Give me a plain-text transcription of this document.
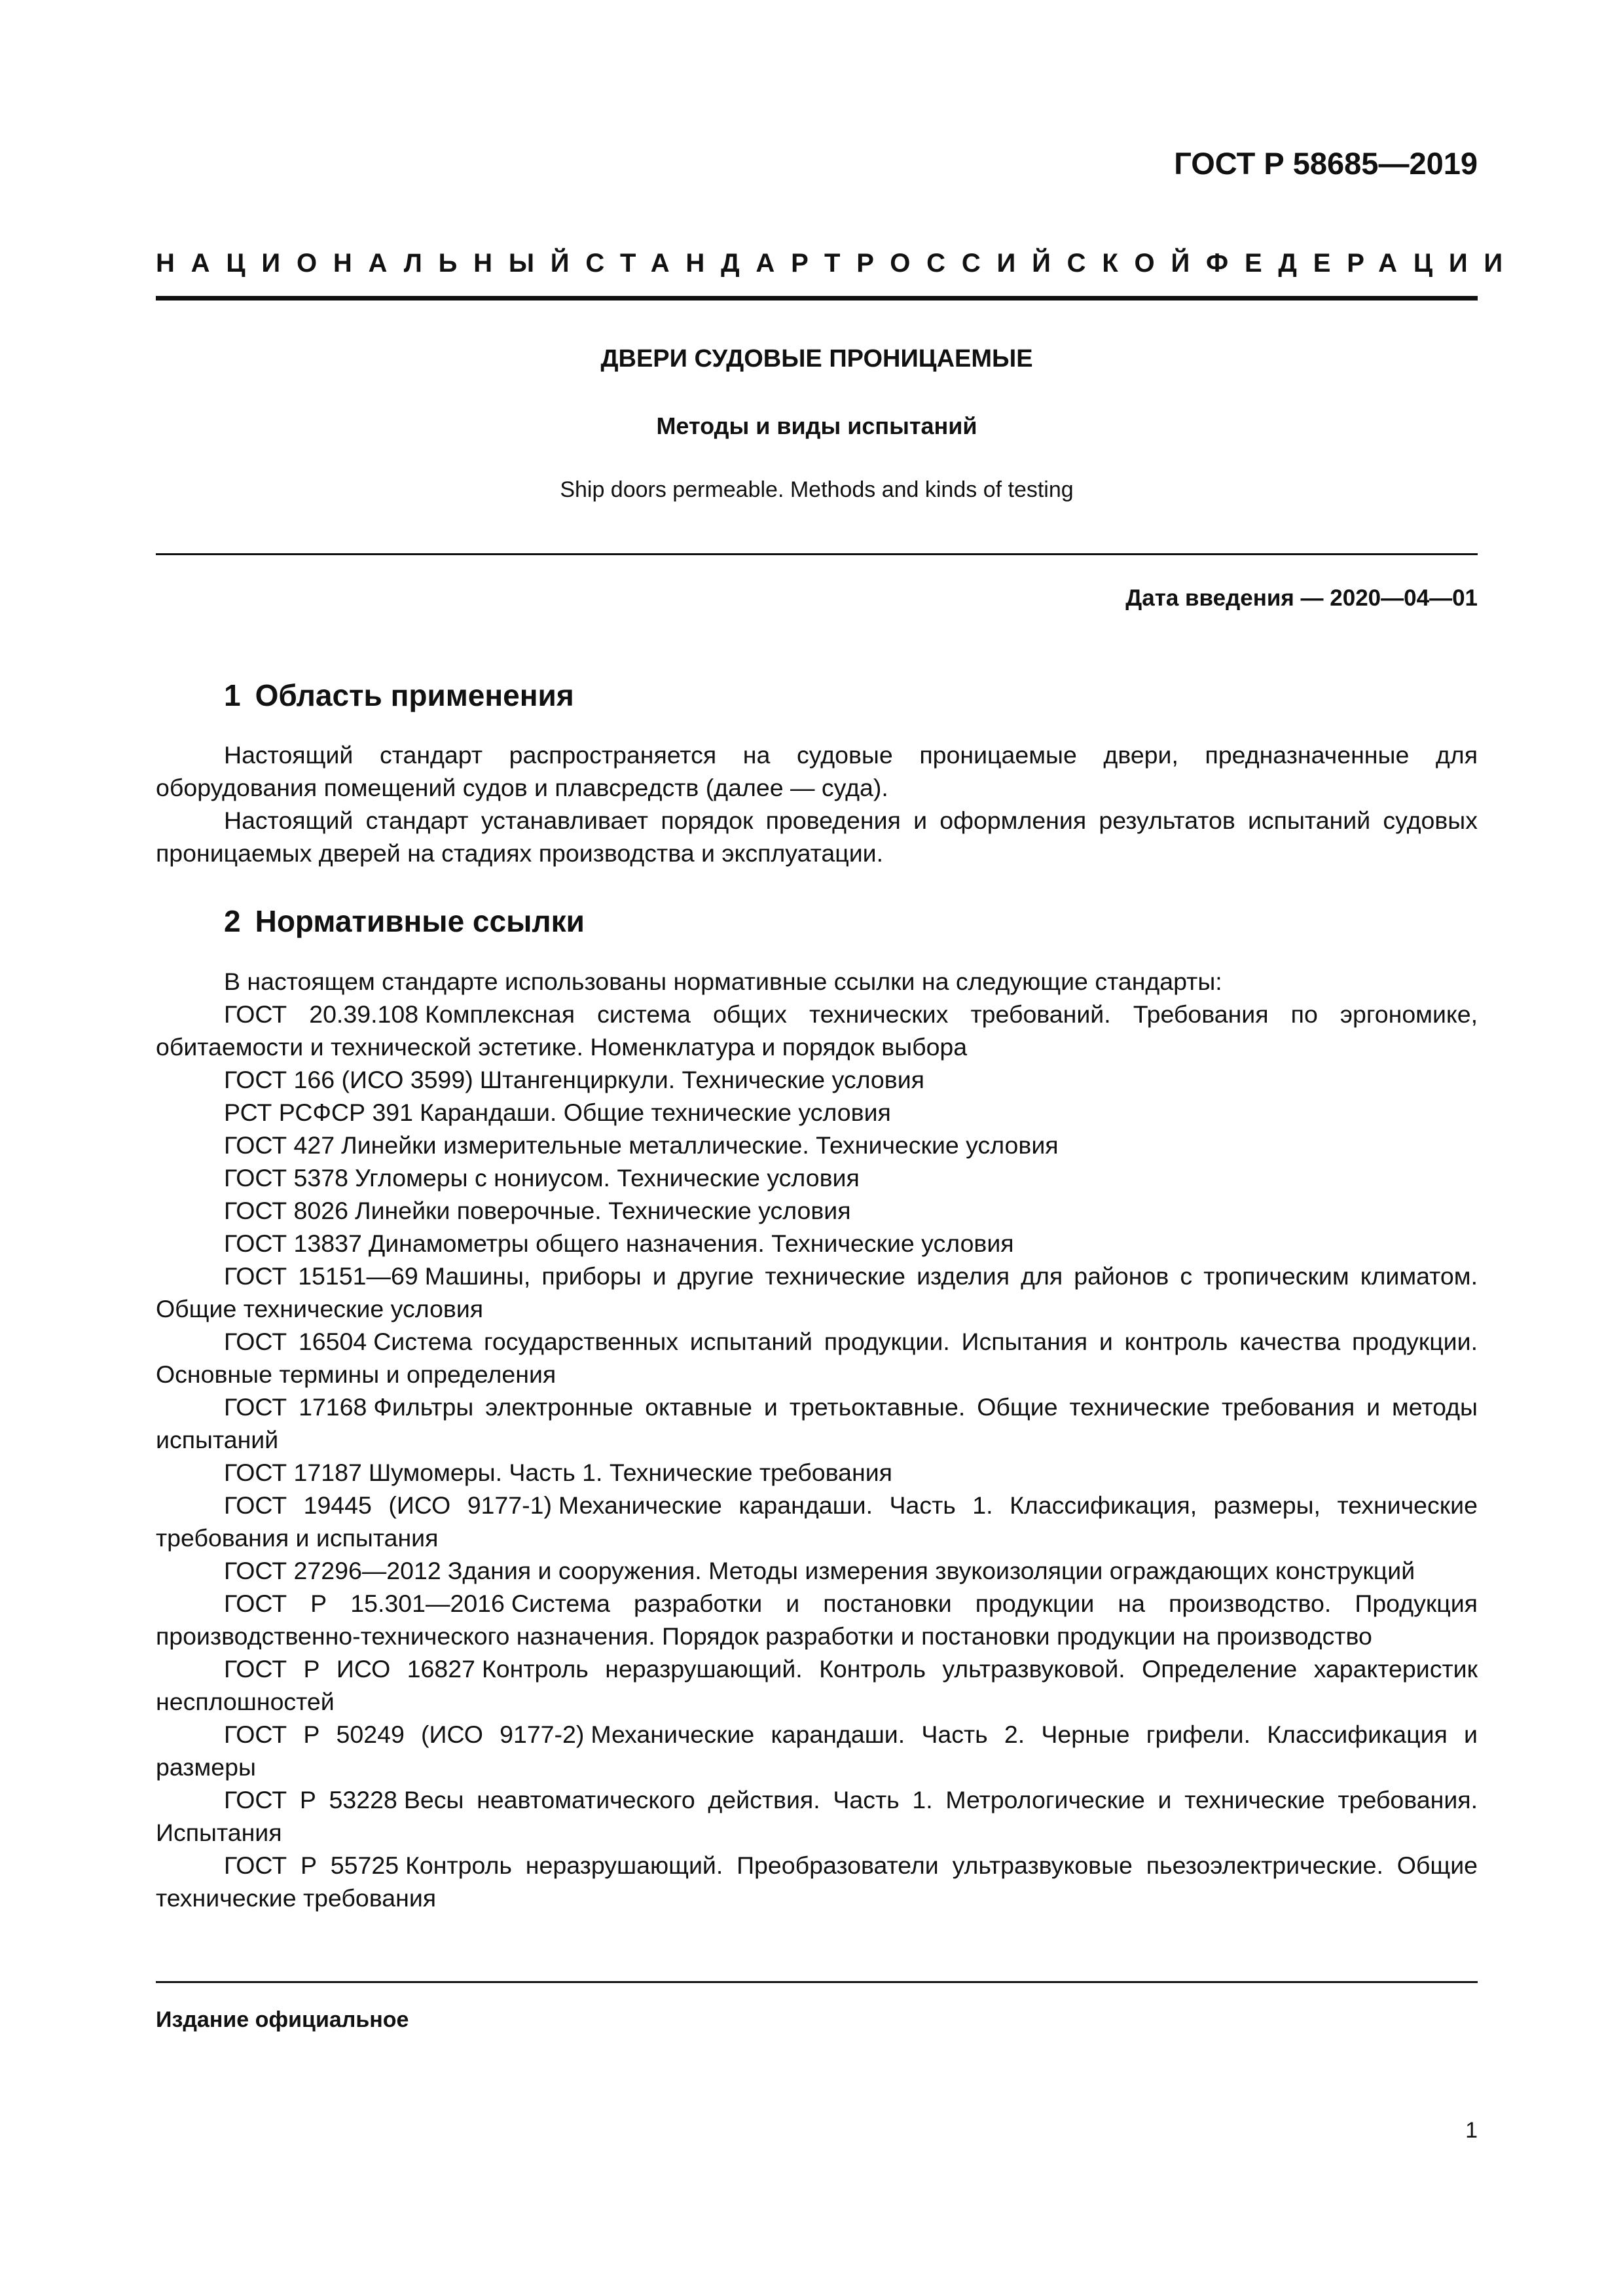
ГОСТ Р 58685—2019
НАЦИОНАЛЬНЫЙ СТАНДАРТ РОССИЙСКОЙ ФЕДЕРАЦИИ
ДВЕРИ СУДОВЫЕ ПРОНИЦАЕМЫЕ
Методы и виды испытаний
Ship doors permeable. Methods and kinds of testing
Дата введения — 2020—04—01
1 Область применения

Настоящий стандарт распространяется на судовые проницаемые двери, предназначенные для оборудования помещений судов и плавсредств (далее — суда).

Настоящий стандарт устанавливает порядок проведения и оформления результатов испытаний судовых проницаемых дверей на стадиях производства и эксплуатации.

2 Нормативные ссылки

В настоящем стандарте использованы нормативные ссылки на следующие стандарты:

ГОСТ 20.39.108 Комплексная система общих технических требований. Требования по эргономике, обитаемости и технической эстетике. Номенклатура и порядок выбора

ГОСТ 166 (ИСО 3599) Штангенциркули. Технические условия

РСТ РСФСР 391 Карандаши. Общие технические условия

ГОСТ 427 Линейки измерительные металлические. Технические условия

ГОСТ 5378 Угломеры с нониусом. Технические условия

ГОСТ 8026 Линейки поверочные. Технические условия

ГОСТ 13837 Динамометры общего назначения. Технические условия

ГОСТ 15151—69 Машины, приборы и другие технические изделия для районов с тропическим климатом. Общие технические условия

ГОСТ 16504 Система государственных испытаний продукции. Испытания и контроль качества продукции. Основные термины и определения

ГОСТ 17168 Фильтры электронные октавные и третьоктавные. Общие технические требования и методы испытаний

ГОСТ 17187 Шумомеры. Часть 1. Технические требования

ГОСТ 19445 (ИСО 9177-1) Механические карандаши. Часть 1. Классификация, размеры, технические требования и испытания

ГОСТ 27296—2012 Здания и сооружения. Методы измерения звукоизоляции ограждающих конструкций

ГОСТ Р 15.301—2016 Система разработки и постановки продукции на производство. Продукция производственно-технического назначения. Порядок разработки и постановки продукции на производство

ГОСТ Р ИСО 16827 Контроль неразрушающий. Контроль ультразвуковой. Определение характеристик несплошностей

ГОСТ Р 50249 (ИСО 9177-2) Механические карандаши. Часть 2. Черные грифели. Классификация и размеры

ГОСТ Р 53228 Весы неавтоматического действия. Часть 1. Метрологические и технические требования. Испытания

ГОСТ Р 55725 Контроль неразрушающий. Преобразователи ультразвуковые пьезоэлектрические. Общие технические требования

Издание официальное
1
